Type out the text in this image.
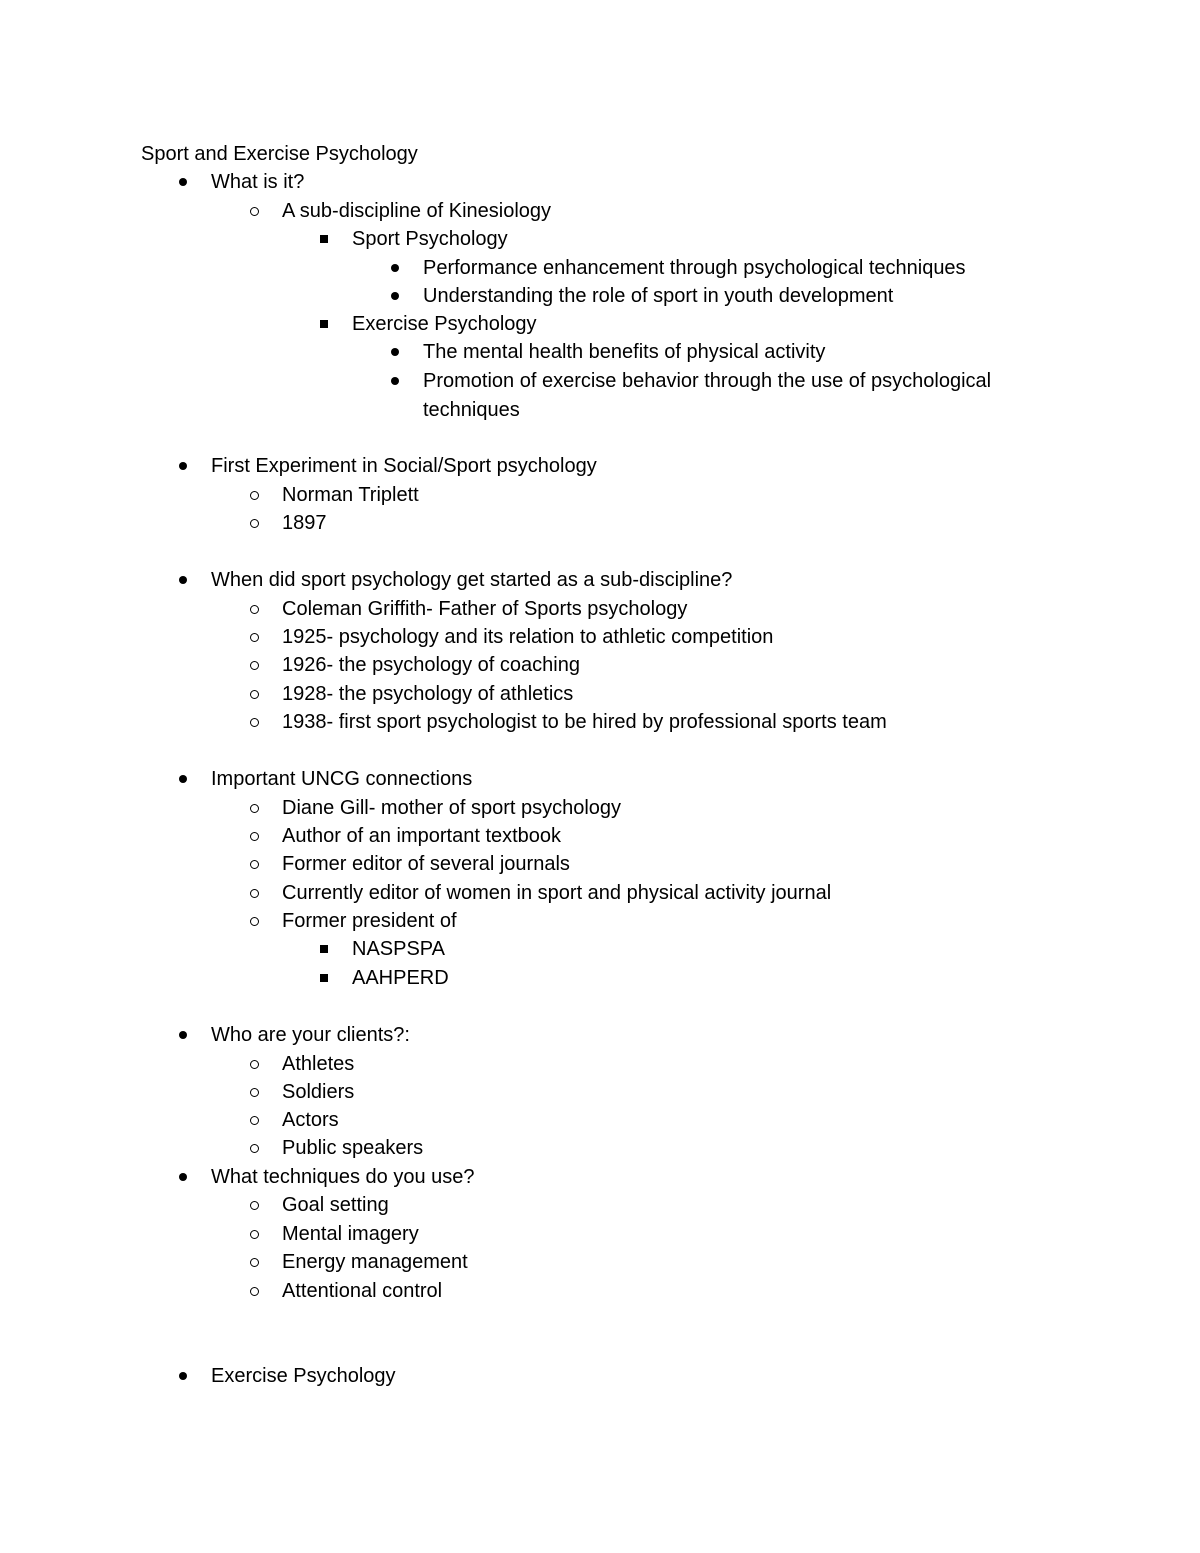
Sport and Exercise Psychology
What is it?
A sub-discipline of Kinesiology
Sport Psychology
Performance enhancement through psychological techniques
Understanding the role of sport in youth development
Exercise Psychology
The mental health benefits of physical activity
Promotion of exercise behavior through the use of psychological
techniques
First Experiment in Social/Sport psychology
Norman Triplett
1897
When did sport psychology get started as a sub-discipline?
Coleman Griffith- Father of Sports psychology
1925- psychology and its relation to athletic competition
1926- the psychology of coaching
1928- the psychology of athletics
1938- first sport psychologist to be hired by professional sports team
Important UNCG connections
Diane Gill- mother of sport psychology
Author of an important textbook
Former editor of several journals
Currently editor of women in sport and physical activity journal
Former president of
NASPSPA
AAHPERD
Who are your clients?:
Athletes
Soldiers
Actors
Public speakers
What techniques do you use?
Goal setting
Mental imagery
Energy management
Attentional control
Exercise Psychology
